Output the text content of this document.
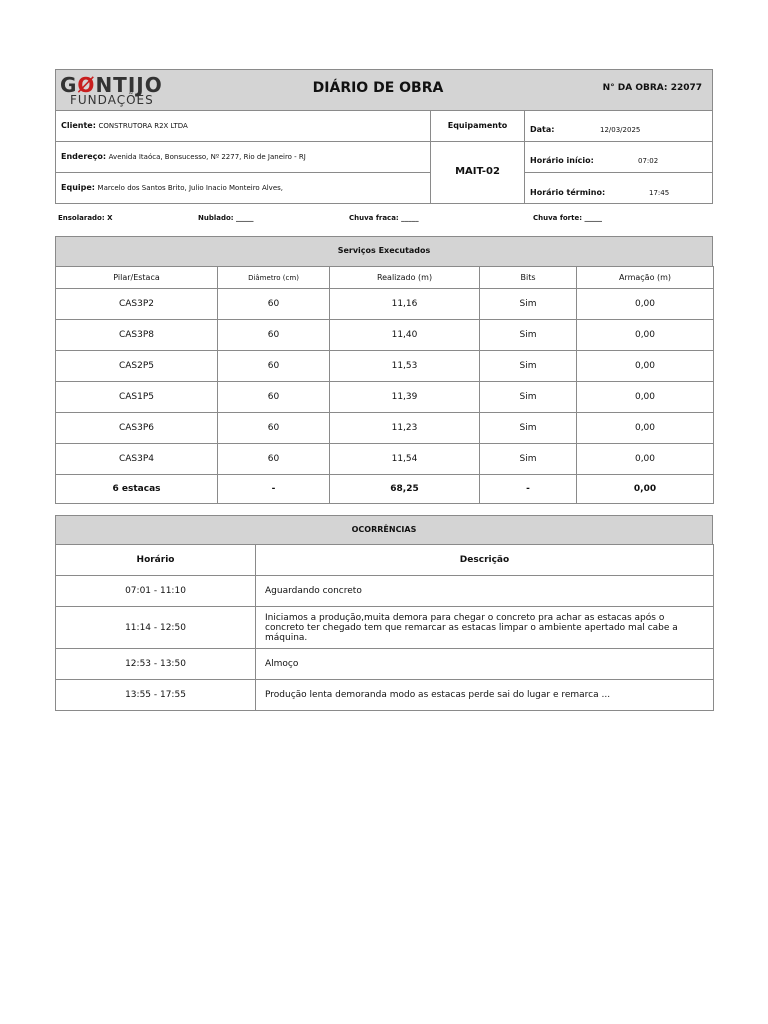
GØNTIJO
FUNDAÇÕES
DIÁRIO DE OBRA	N° DA OBRA: 22077
Cliente: CONSTRUTORA R2X LTDA
Endereço: Avenida Itaóca, Bonsucesso, Nº 2277, Rio de Janeiro - RJ
Equipe: Marcelo dos Santos Brito, Julio Inacio Monteiro Alves,
Equipamento
MAIT-02
Data:	12/03/2025
Horário início:	07:02
Horário término:	17:45
Ensolarado: X	Nublado: _____	Chuva fraca: _____	Chuva forte: _____
Serviços Executados
Pilar/Estaca	Diâmetro (cm)	Realizado (m)	Bits	Armação (m)
CAS3P2	60	11,16	Sim	0,00
CAS3P8	60	11,40	Sim	0,00
CAS2P5	60	11,53	Sim	0,00
CAS1P5	60	11,39	Sim	0,00
CAS3P6	60	11,23	Sim	0,00
CAS3P4	60	11,54	Sim	0,00
6 estacas	-	68,25	-	0,00
OCORRÊNCIAS
Horário	Descrição
07:01 - 11:10	Aguardando concreto
11:14 - 12:50	Iniciamos a produção,muita demora para chegar o concreto pra achar as estacas após o concreto ter chegado tem que remarcar as estacas limpar o ambiente apertado mal cabe a máquina.
12:53 - 13:50	Almoço
13:55 - 17:55	Produção lenta demoranda modo as estacas perde sai do lugar e remarca ...
